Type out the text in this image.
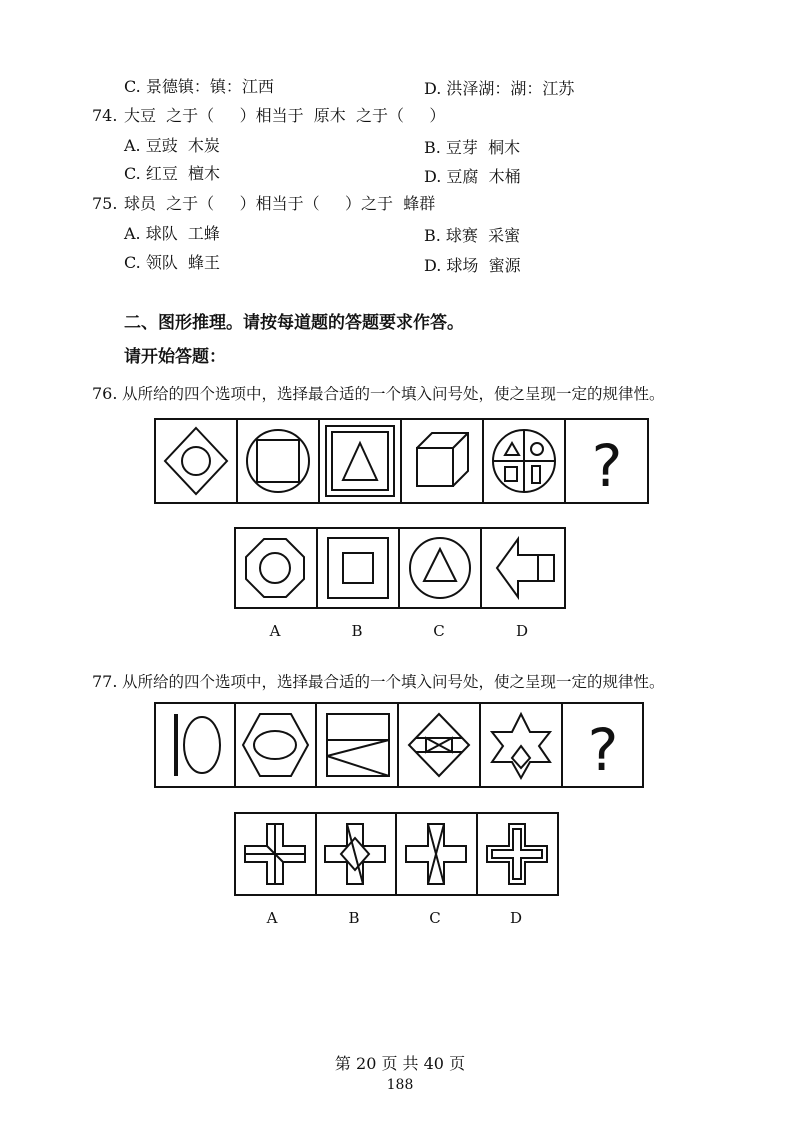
C. 景德镇：镇：江西	D. 洪泽湖：湖：江苏
74. 大豆  之于（     ）相当于  原木  之于（     ）
A. 豆豉  木炭	B. 豆芽  桐木
C. 红豆  檀木	D. 豆腐  木桶
75. 球员  之于（     ）相当于（     ）之于  蜂群
A. 球队  工蜂	B. 球赛  采蜜
C. 领队  蜂王	D. 球场  蜜源
二、图形推理。请按每道题的答题要求作答。
请开始答题：
76. 从所给的四个选项中，选择最合适的一个填入问号处，使之呈现一定的规律性。
?
A	B	C	D
77. 从所给的四个选项中，选择最合适的一个填入问号处，使之呈现一定的规律性。
?
A	B	C	D
第 20 页 共 40 页
188
